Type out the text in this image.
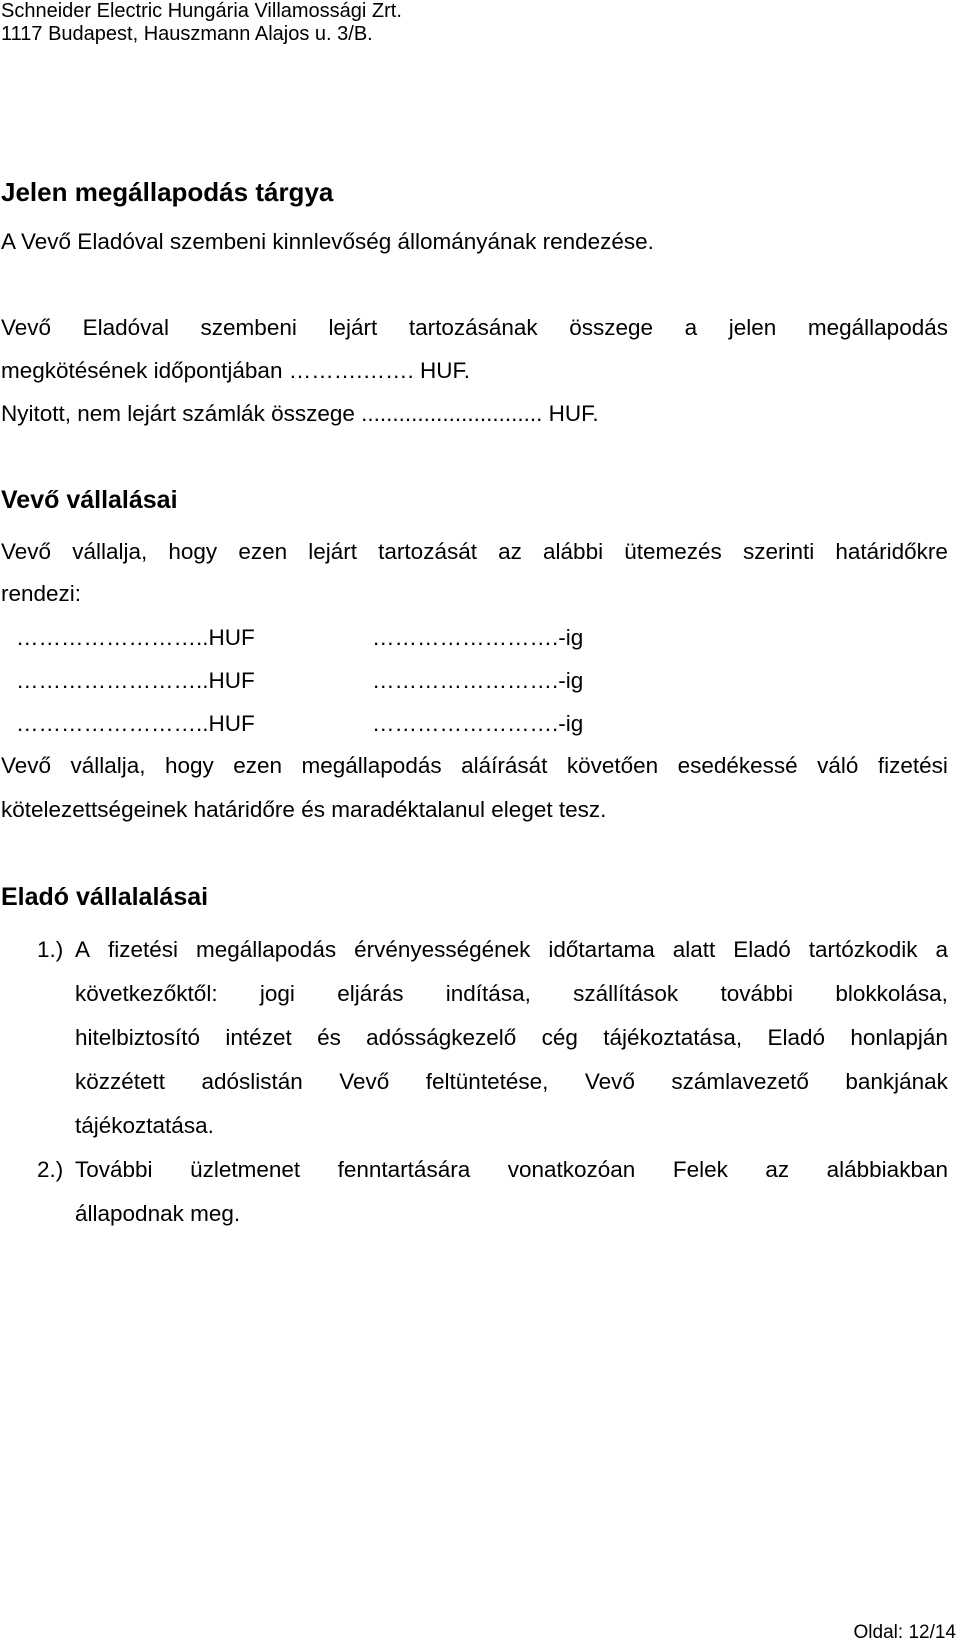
Schneider Electric Hungária Villamossági Zrt.
1117 Budapest, Hauszmann Alajos u. 3/B.
Jelen megállapodás tárgya
A Vevő Eladóval szembeni kinnlevőség állományának rendezése.
Vevő Eladóval szembeni lejárt tartozásának összege a jelen megállapodás
megkötésének időpontjában ……….……. HUF.
Nyitott, nem lejárt számlák összege ............................. HUF.
Vevő vállalásai
Vevő vállalja, hogy ezen lejárt tartozását az alábbi ütemezés szerinti határidőkre
rendezi:
……………………..HUF	…………………….-ig
……………………..HUF	…………………….-ig
……………………..HUF	…………………….-ig
Vevő vállalja, hogy ezen megállapodás aláírását követően esedékessé váló fizetési
kötelezettségeinek határidőre és maradéktalanul eleget tesz.
Eladó vállalalásai
1.) A fizetési megállapodás érvényességének időtartama alatt Eladó tartózkodik a
következőktől: jogi eljárás indítása, szállítások további blokkolása,
hitelbiztosító intézet és adósságkezelő cég tájékoztatása, Eladó honlapján
közzétett adóslistán Vevő feltüntetése, Vevő számlavezető bankjának
tájékoztatása.
2.) További üzletmenet fenntartására vonatkozóan Felek az alábbiakban
állapodnak meg.
Oldal: 12/14
